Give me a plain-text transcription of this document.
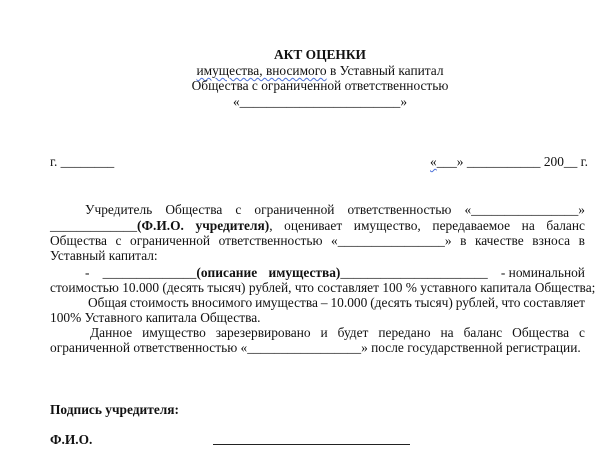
АКТ ОЦЕНКИ
имущества, вносимого в Уставный капитал
Общества с ограниченной ответственностью
«________________________»
г. ________	«___» ___________ 200__ г.
Учредитель Общества с ограниченной ответственностью «________________»
_____________(Ф.И.О. учредителя), оценивает имущество, передаваемое на баланс
Общества с ограниченной ответственностью «________________» в качестве взноса в
Уставный капитал:
- ______________(описание имущества)______________________ - номинальной
стоимостью 10.000 (десять тысяч) рублей, что составляет 100 % уставного капитала Общества;
Общая стоимость вносимого имущества – 10.000 (десять тысяч) рублей, что составляет
100% Уставного капитала Общества.
Данное имущество зарезервировано и будет передано на баланс Общества с
ограниченной ответственностью «_________________» после государственной регистрации.
Подпись учредителя:
Ф.И.О.
